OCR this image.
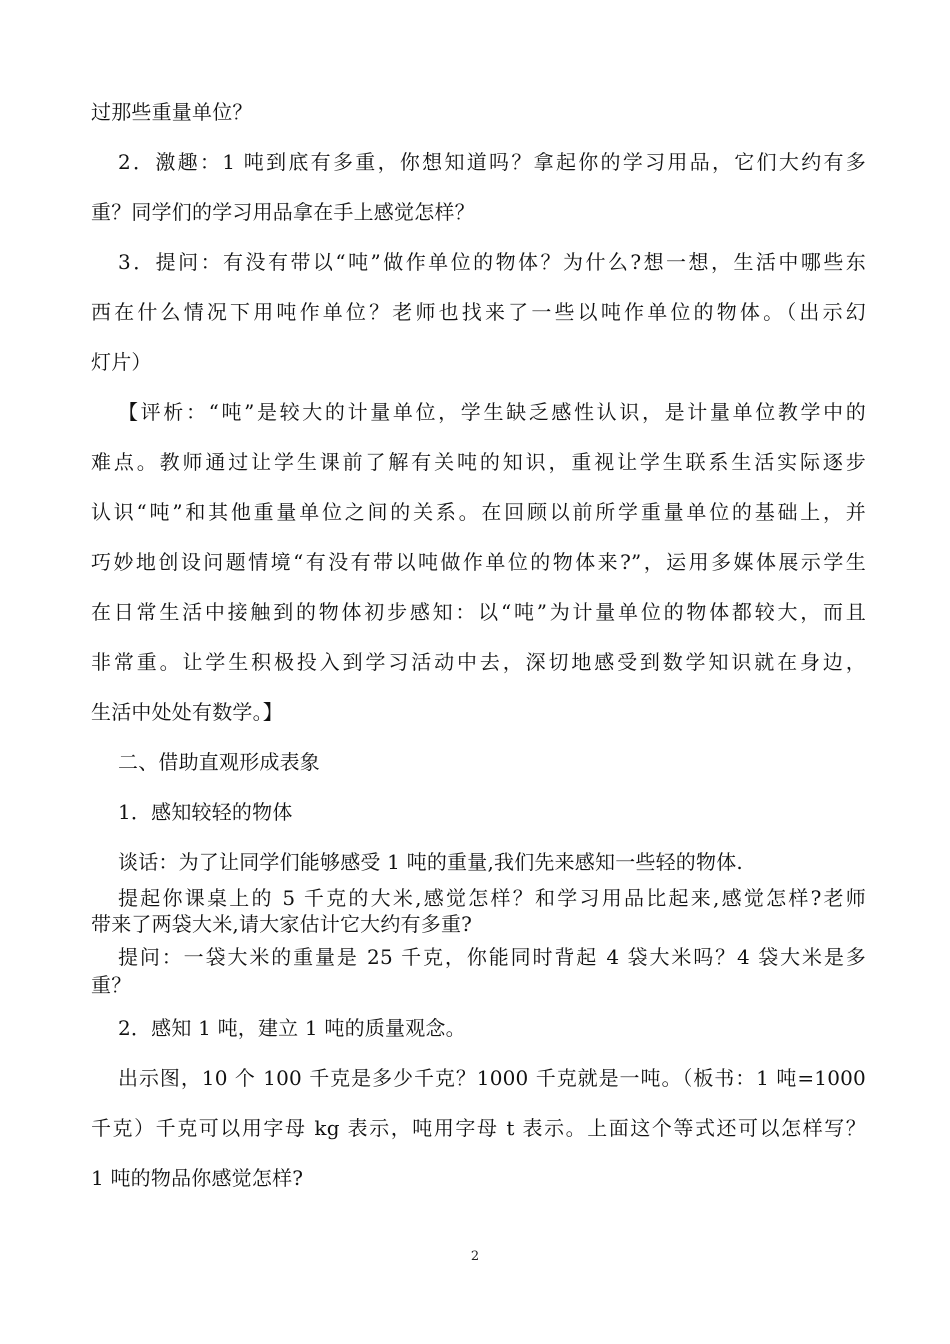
过那些重量单位？
2．激趣：1 吨到底有多重，你想知道吗？拿起你的学习用品，它们大约有多
重？同学们的学习用品拿在手上感觉怎样？
3．提问：有没有带以“吨”做作单位的物体？为什么?想一想，生活中哪些东
西在什么情况下用吨作单位？老师也找来了一些以吨作单位的物体。（出示幻
灯片）
【评析：“吨”是较大的计量单位，学生缺乏感性认识，是计量单位教学中的
难点。教师通过让学生课前了解有关吨的知识，重视让学生联系生活实际逐步
认识“吨”和其他重量单位之间的关系。在回顾以前所学重量单位的基础上，并
巧妙地创设问题情境“有没有带以吨做作单位的物体来?”，运用多媒体展示学生
在日常生活中接触到的物体初步感知：以“吨”为计量单位的物体都较大，而且
非常重。让学生积极投入到学习活动中去，深切地感受到数学知识就在身边，
生活中处处有数学。】
二、借助直观形成表象
1．感知较轻的物体
谈话：为了让同学们能够感受 1 吨的重量,我们先来感知一些轻的物体.
提起你课桌上的 5 千克的大米,感觉怎样？和学习用品比起来,感觉怎样?老师
带来了两袋大米,请大家估计它大约有多重?
提问：一袋大米的重量是 25 千克，你能同时背起 4 袋大米吗？4 袋大米是多
重？
2．感知 1 吨，建立 1 吨的质量观念。
出示图，10 个 100 千克是多少千克？1000 千克就是一吨。（板书：1 吨=1000
千克）千克可以用字母 kg 表示，吨用字母 t 表示。上面这个等式还可以怎样写？
1 吨的物品你感觉怎样?
2
